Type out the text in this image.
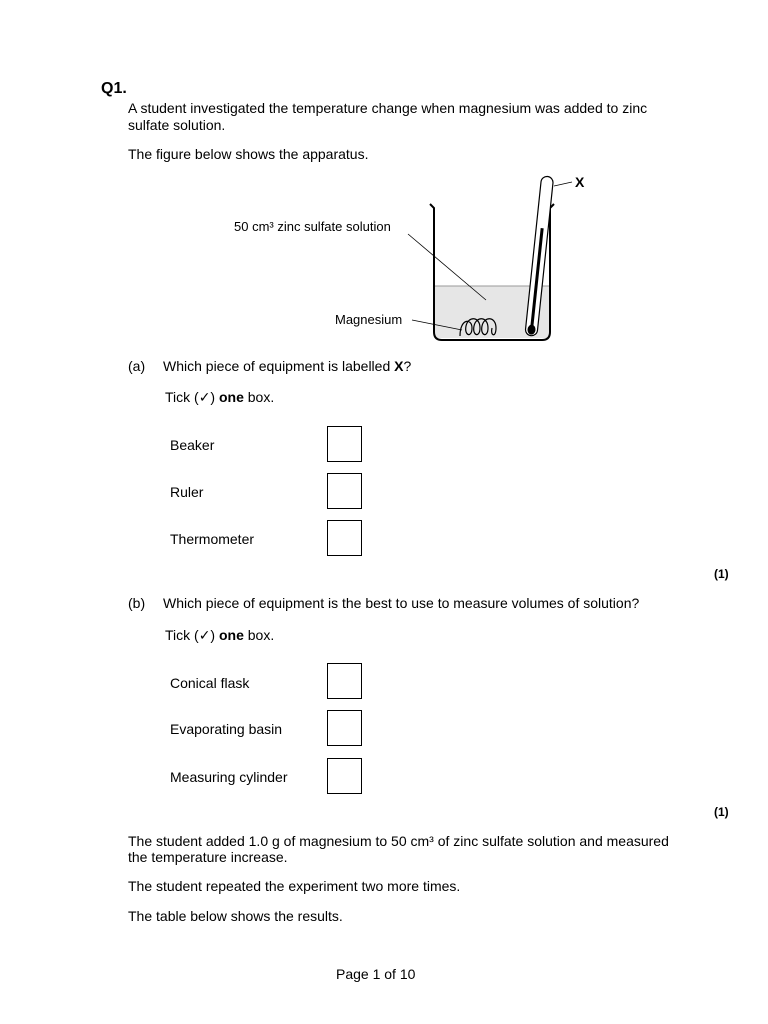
Q1.
A student investigated the temperature change when magnesium was added to zinc
sulfate solution.
The figure below shows the apparatus.
50 cm³ zinc sulfate solution
Magnesium
X
(a) Which piece of equipment is labelled X?
Tick (✓) one box.
Beaker
Ruler
Thermometer
(1)
(b) Which piece of equipment is the best to use to measure volumes of solution?
Tick (✓) one box.
Conical flask
Evaporating basin
Measuring cylinder
(1)
The student added 1.0 g of magnesium to 50 cm³ of zinc sulfate solution and measured
the temperature increase.
The student repeated the experiment two more times.
The table below shows the results.
Page 1 of 10
